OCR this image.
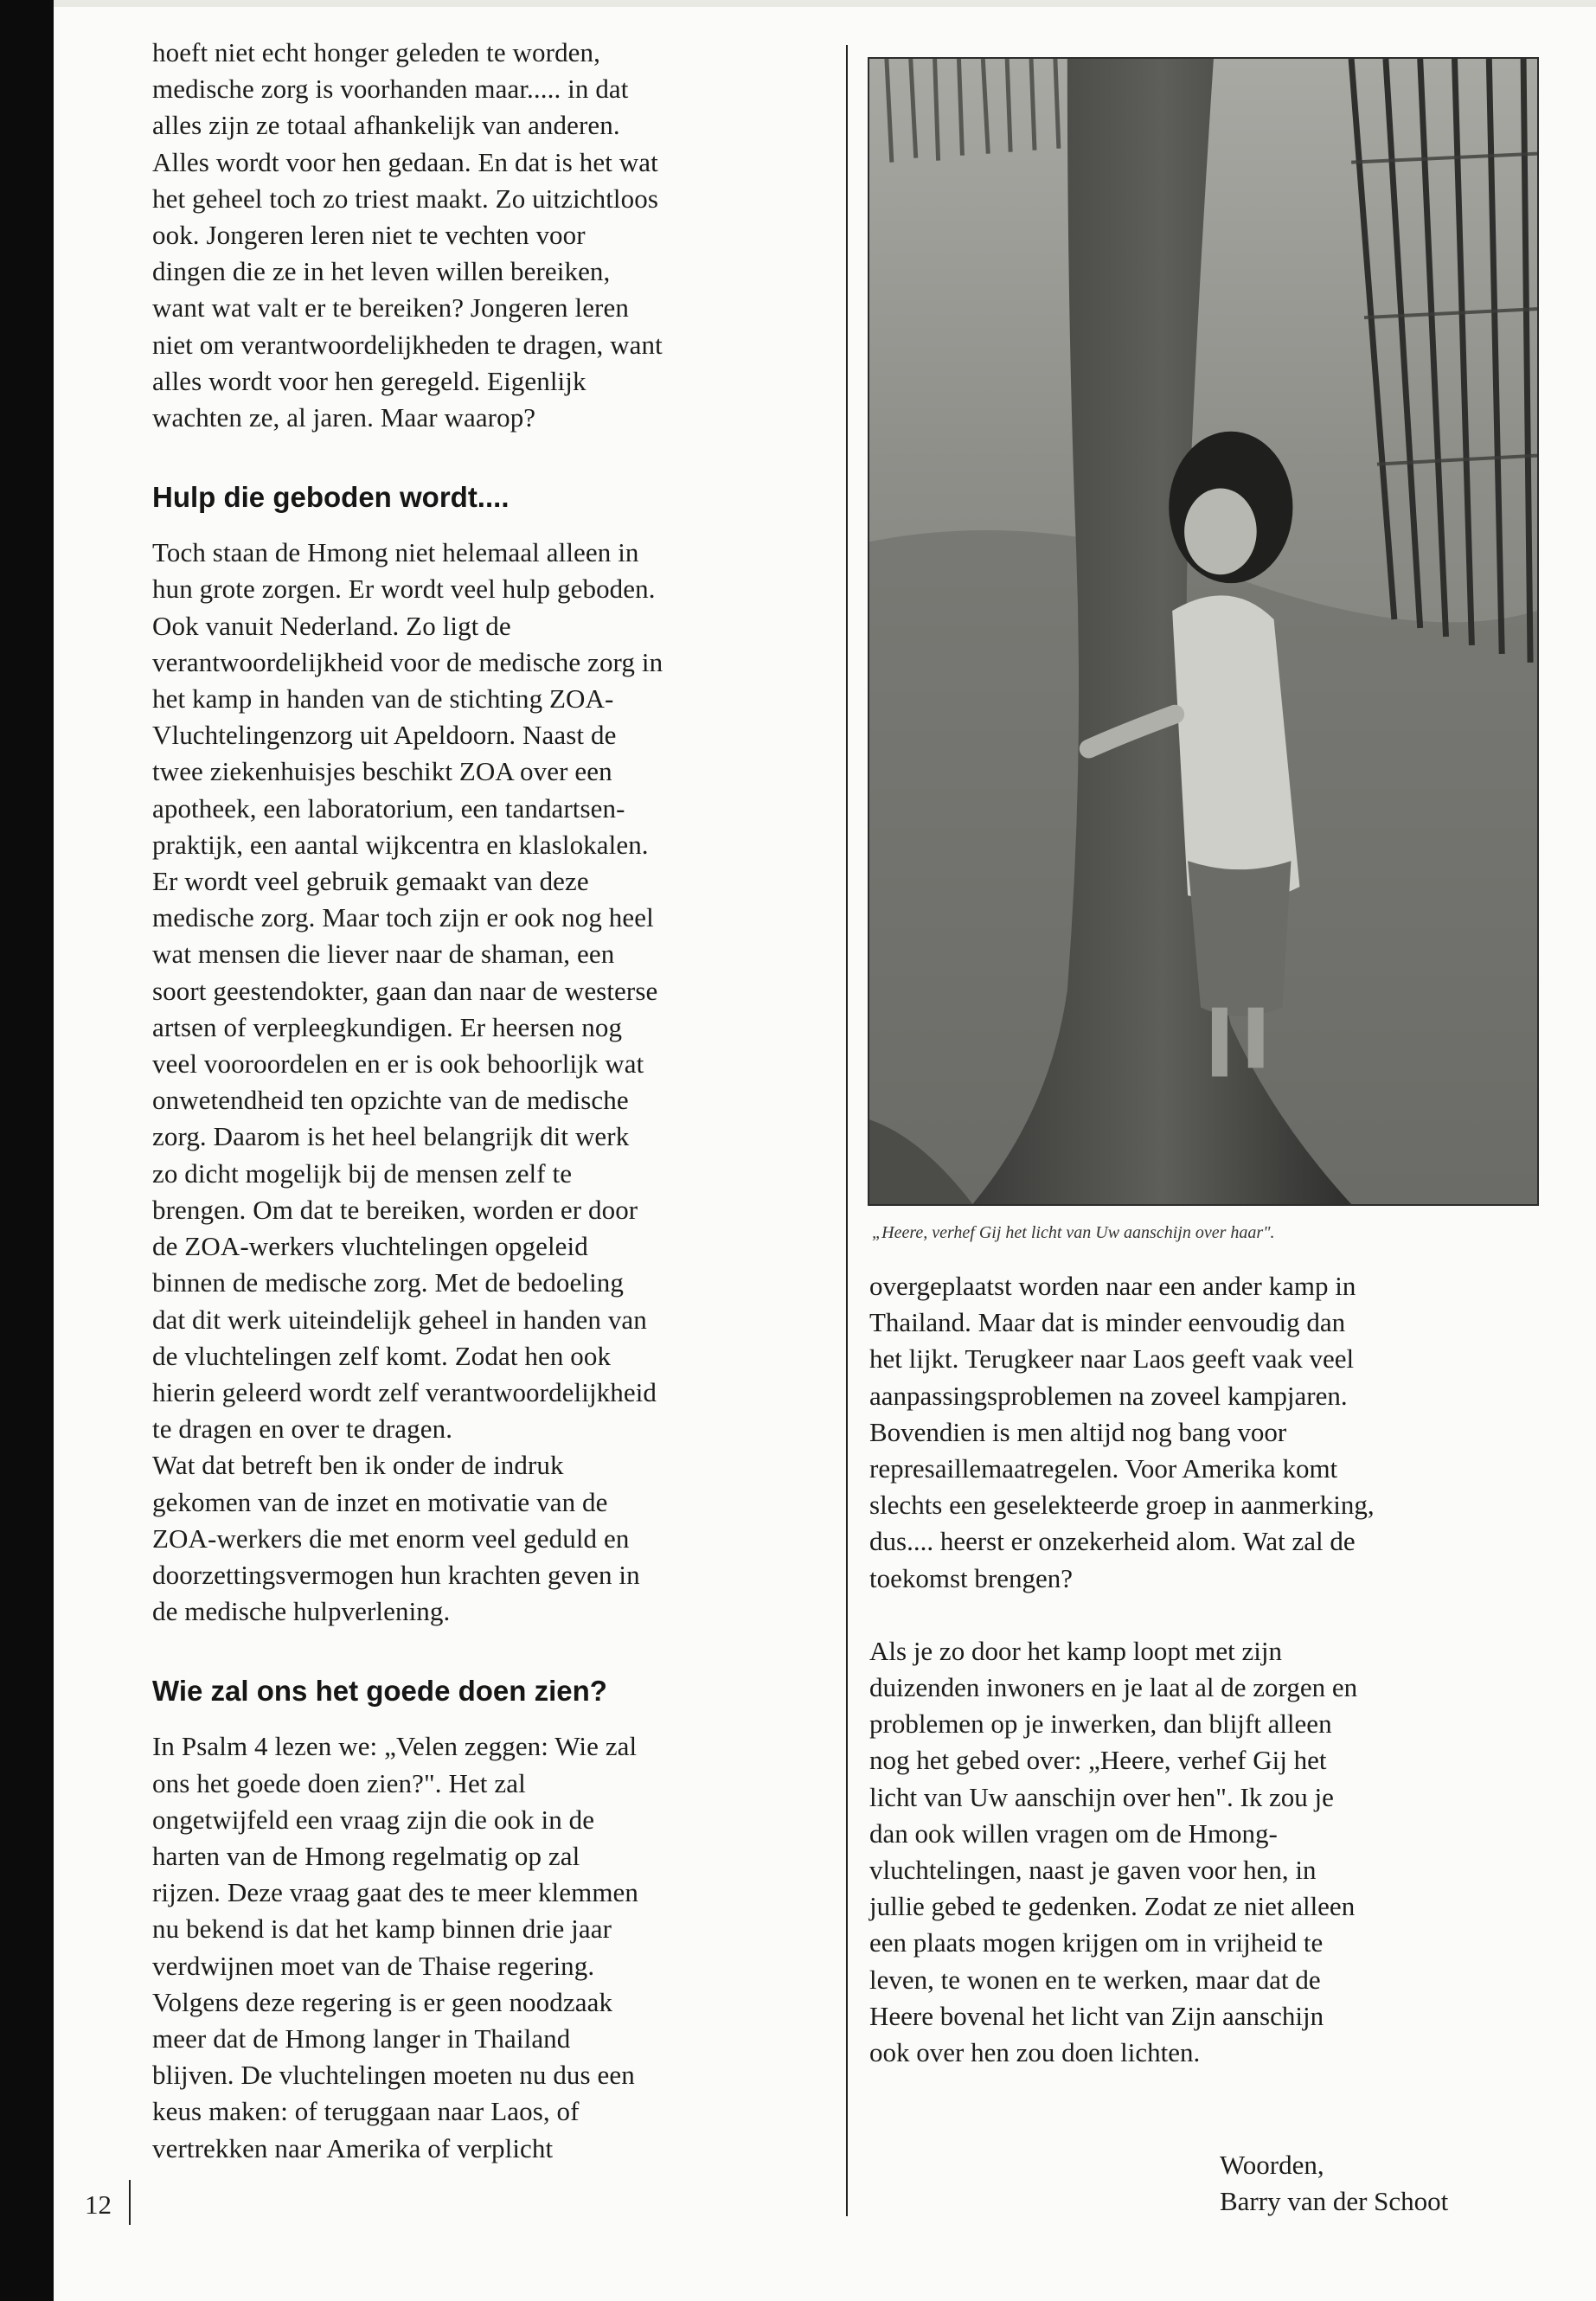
hoeft niet echt honger geleden te worden,
medische zorg is voorhanden maar..... in dat
alles zijn ze totaal afhankelijk van anderen.
Alles wordt voor hen gedaan. En dat is het wat
het geheel toch zo triest maakt. Zo uitzichtloos
ook. Jongeren leren niet te vechten voor
dingen die ze in het leven willen bereiken,
want wat valt er te bereiken? Jongeren leren
niet om verantwoordelijkheden te dragen, want
alles wordt voor hen geregeld. Eigenlijk
wachten ze, al jaren. Maar waarop?

Hulp die geboden wordt....

Toch staan de Hmong niet helemaal alleen in
hun grote zorgen. Er wordt veel hulp geboden.
Ook vanuit Nederland. Zo ligt de
verantwoordelijkheid voor de medische zorg in
het kamp in handen van de stichting ZOA-
Vluchtelingenzorg uit Apeldoorn. Naast de
twee ziekenhuisjes beschikt ZOA over een
apotheek, een laboratorium, een tandartsen-
praktijk, een aantal wijkcentra en klaslokalen.
Er wordt veel gebruik gemaakt van deze
medische zorg. Maar toch zijn er ook nog heel
wat mensen die liever naar de shaman, een
soort geestendokter, gaan dan naar de westerse
artsen of verpleegkundigen. Er heersen nog
veel vooroordelen en er is ook behoorlijk wat
onwetendheid ten opzichte van de medische
zorg. Daarom is het heel belangrijk dit werk
zo dicht mogelijk bij de mensen zelf te
brengen. Om dat te bereiken, worden er door
de ZOA-werkers vluchtelingen opgeleid
binnen de medische zorg. Met de bedoeling
dat dit werk uiteindelijk geheel in handen van
de vluchtelingen zelf komt. Zodat hen ook
hierin geleerd wordt zelf verantwoordelijkheid
te dragen en over te dragen.
Wat dat betreft ben ik onder de indruk
gekomen van de inzet en motivatie van de
ZOA-werkers die met enorm veel geduld en
doorzettingsvermogen hun krachten geven in
de medische hulpverlening.

Wie zal ons het goede doen zien?

In Psalm 4 lezen we: „Velen zeggen: Wie zal
ons het goede doen zien?". Het zal
ongetwijfeld een vraag zijn die ook in de
harten van de Hmong regelmatig op zal
rijzen. Deze vraag gaat des te meer klemmen
nu bekend is dat het kamp binnen drie jaar
verdwijnen moet van de Thaise regering.
Volgens deze regering is er geen noodzaak
meer dat de Hmong langer in Thailand
blijven. De vluchtelingen moeten nu dus een
keus maken: of teruggaan naar Laos, of
vertrekken naar Amerika of verplicht

„Heere, verhef Gij het licht van Uw aanschijn over haar".

overgeplaatst worden naar een ander kamp in
Thailand. Maar dat is minder eenvoudig dan
het lijkt. Terugkeer naar Laos geeft vaak veel
aanpassingsproblemen na zoveel kampjaren.
Bovendien is men altijd nog bang voor
represaillemaatregelen. Voor Amerika komt
slechts een geselekteerde groep in aanmerking,
dus.... heerst er onzekerheid alom. Wat zal de
toekomst brengen?

Als je zo door het kamp loopt met zijn
duizenden inwoners en je laat al de zorgen en
problemen op je inwerken, dan blijft alleen
nog het gebed over: „Heere, verhef Gij het
licht van Uw aanschijn over hen". Ik zou je
dan ook willen vragen om de Hmong-
vluchtelingen, naast je gaven voor hen, in
jullie gebed te gedenken. Zodat ze niet alleen
een plaats mogen krijgen om in vrijheid te
leven, te wonen en te werken, maar dat de
Heere bovenal het licht van Zijn aanschijn
ook over hen zou doen lichten.

Woorden,
Barry van der Schoot
12
